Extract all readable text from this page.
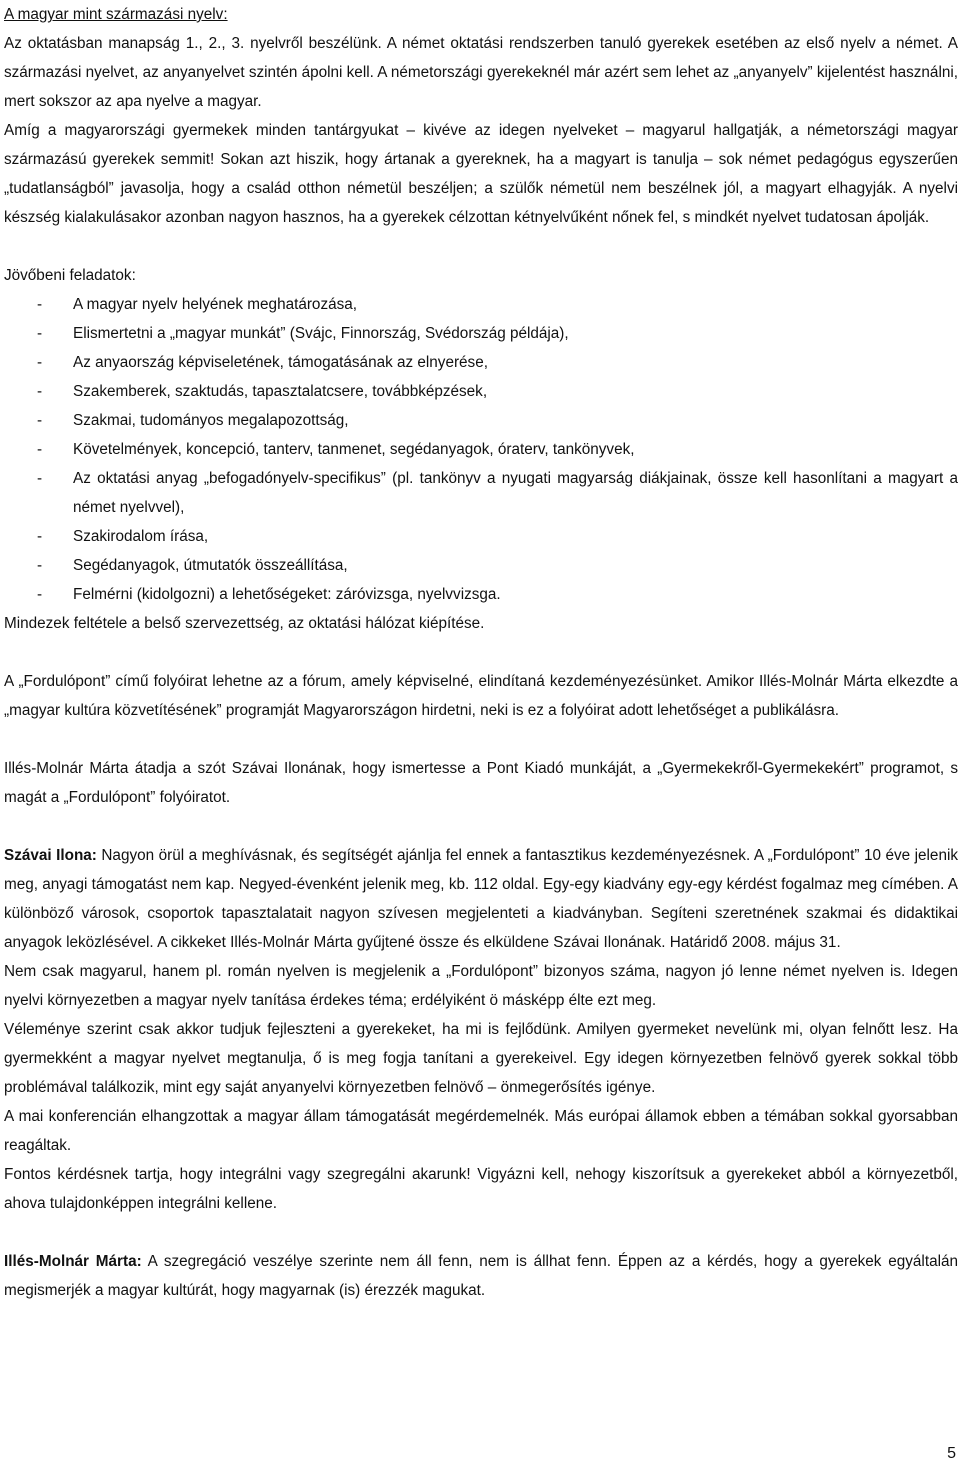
A magyar mint származási nyelv:

Az oktatásban manapság 1., 2., 3. nyelvről beszélünk. A német oktatási rendszerben tanuló gyerekek esetében az első nyelv a német. A származási nyelvet, az anyanyelvet szintén ápolni kell. A németországi gyerekeknél már azért sem lehet az „anyanyelv” kijelentést használni, mert sokszor az apa nyelve a magyar.

Amíg a magyarországi gyermekek minden tantárgyukat – kivéve az idegen nyelveket – magyarul hallgatják, a németországi magyar származású gyerekek semmit! Sokan azt hiszik, hogy ártanak a gyereknek, ha a magyart is tanulja – sok német pedagógus egyszerűen „tudatlanságból” javasolja, hogy a család otthon németül beszéljen; a szülők németül nem beszélnek jól, a magyart elhagyják. A nyelvi készség kialakulásakor azonban nagyon hasznos, ha a gyerekek célzottan kétnyelvűként nőnek fel, s mindkét nyelvet tudatosan ápolják.

Jövőbeni feladatok:

- A magyar nyelv helyének meghatározása,
- Elismertetni a „magyar munkát” (Svájc, Finnország, Svédország példája),
- Az anyaország képviseletének, támogatásának az elnyerése,
- Szakemberek, szaktudás, tapasztalatcsere, továbbképzések,
- Szakmai, tudományos megalapozottság,
- Követelmények, koncepció, tanterv, tanmenet, segédanyagok, óraterv, tankönyvek,
- Az oktatási anyag „befogadónyelv-specifikus” (pl. tankönyv a nyugati magyarság diákjainak, össze kell hasonlítani a magyart a német nyelvvel),
- Szakirodalom írása,
- Segédanyagok, útmutatók összeállítása,
- Felmérni (kidolgozni) a lehetőségeket: záróvizsga, nyelvvizsga.

Mindezek feltétele a belső szervezettség, az oktatási hálózat kiépítése.

A „Fordulópont” című folyóirat lehetne az a fórum, amely képviselné, elindítaná kezdeményezésünket. Amikor Illés-Molnár Márta elkezdte a „magyar kultúra közvetítésének” programját Magyarországon hirdetni, neki is ez a folyóirat adott lehetőséget a publikálásra.

Illés-Molnár Márta átadja a szót Szávai Ilonának, hogy ismertesse a Pont Kiadó munkáját, a „Gyermekekről-Gyermekekért” programot, s magát a „Fordulópont” folyóiratot.

Szávai Ilona: Nagyon örül a meghívásnak, és segítségét ajánlja fel ennek a fantasztikus kezdeményezésnek. A „Fordulópont” 10 éve jelenik meg, anyagi támogatást nem kap. Negyed-évenként jelenik meg, kb. 112 oldal. Egy-egy kiadvány egy-egy kérdést fogalmaz meg címében. A különböző városok, csoportok tapasztalatait nagyon szívesen megjelenteti a kiadványban. Segíteni szeretnének szakmai és didaktikai anyagok leközlésével. A cikkeket Illés-Molnár Márta gyűjtené össze és elküldene Szávai Ilonának. Határidő 2008. május 31.

Nem csak magyarul, hanem pl. román nyelven is megjelenik a „Fordulópont” bizonyos száma, nagyon jó lenne német nyelven is. Idegen nyelvi környezetben a magyar nyelv tanítása érdekes téma; erdélyiként ö másképp élte ezt meg.

Véleménye szerint csak akkor tudjuk fejleszteni a gyerekeket, ha mi is fejlődünk. Amilyen gyermeket nevelünk mi, olyan felnőtt lesz. Ha gyermekként a magyar nyelvet megtanulja, ő is meg fogja tanítani a gyerekeivel. Egy idegen környezetben felnövő gyerek sokkal több problémával találkozik, mint egy saját anyanyelvi környezetben felnövő – önmegerősítés igénye.

A mai konferencián elhangzottak a magyar állam támogatását megérdemelnék. Más európai államok ebben a témában sokkal gyorsabban reagáltak.

Fontos kérdésnek tartja, hogy integrálni vagy szegregálni akarunk! Vigyázni kell, nehogy kiszorítsuk a gyerekeket abból a környezetből, ahova tulajdonképpen integrálni kellene.

Illés-Molnár Márta: A szegregáció veszélye szerinte nem áll fenn, nem is állhat fenn. Éppen az a kérdés, hogy a gyerekek egyáltalán megismerjék a magyar kultúrát, hogy magyarnak (is) érezzék magukat.

5
